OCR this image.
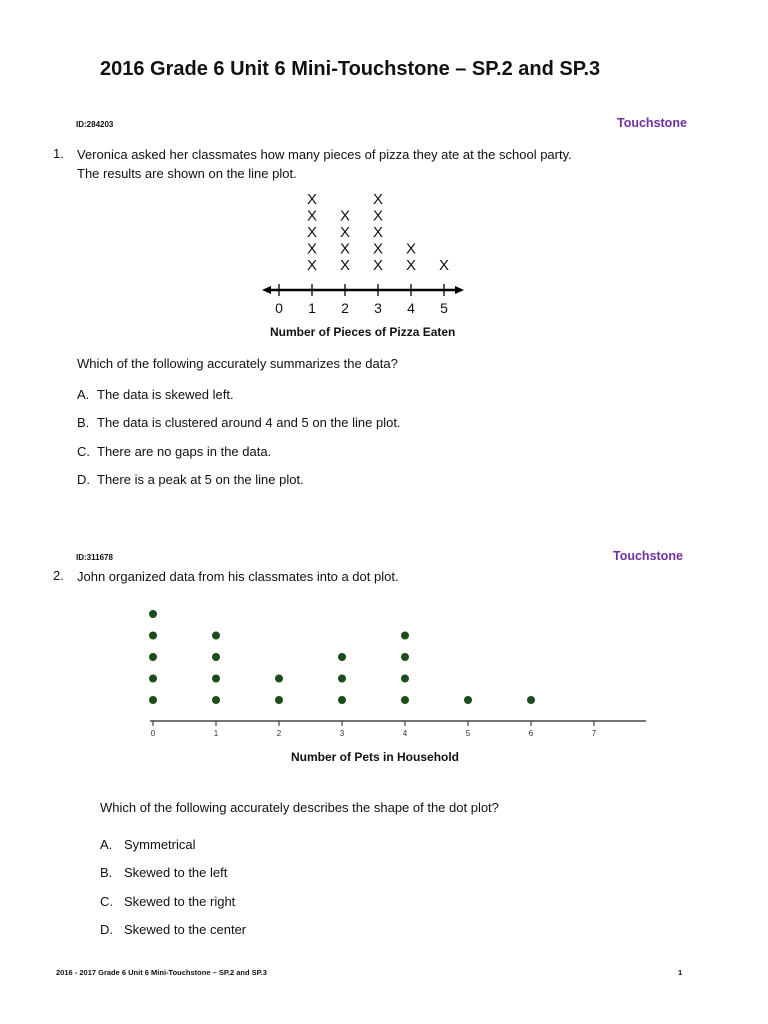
2016 Grade 6 Unit 6 Mini-Touchstone – SP.2 and SP.3
ID:284203	Touchstone
1. Veronica asked her classmates how many pieces of pizza they ate at the school party.
The results are shown on the line plot.
0 1
X
X
X
X
X
2
X
X
X
X
3
X
X
X
X
X
4
X
X
5
X
Number of Pieces of Pizza Eaten
Which of the following accurately summarizes the data?
A. The data is skewed left.
B. The data is clustered around 4 and 5 on the line plot.
C. There are no gaps in the data.
D. There is a peak at 5 on the line plot.
ID:311678	Touchstone
2. John organized data from his classmates into a dot plot.
0	1	2	3	4	5	6	7
Number of Pets in Household
Which of the following accurately describes the shape of the dot plot?
A. Symmetrical
B. Skewed to the left
C. Skewed to the right
D. Skewed to the center
2016 - 2017 Grade 6 Unit 6 Mini-Touchstone – SP.2 and SP.3	1
